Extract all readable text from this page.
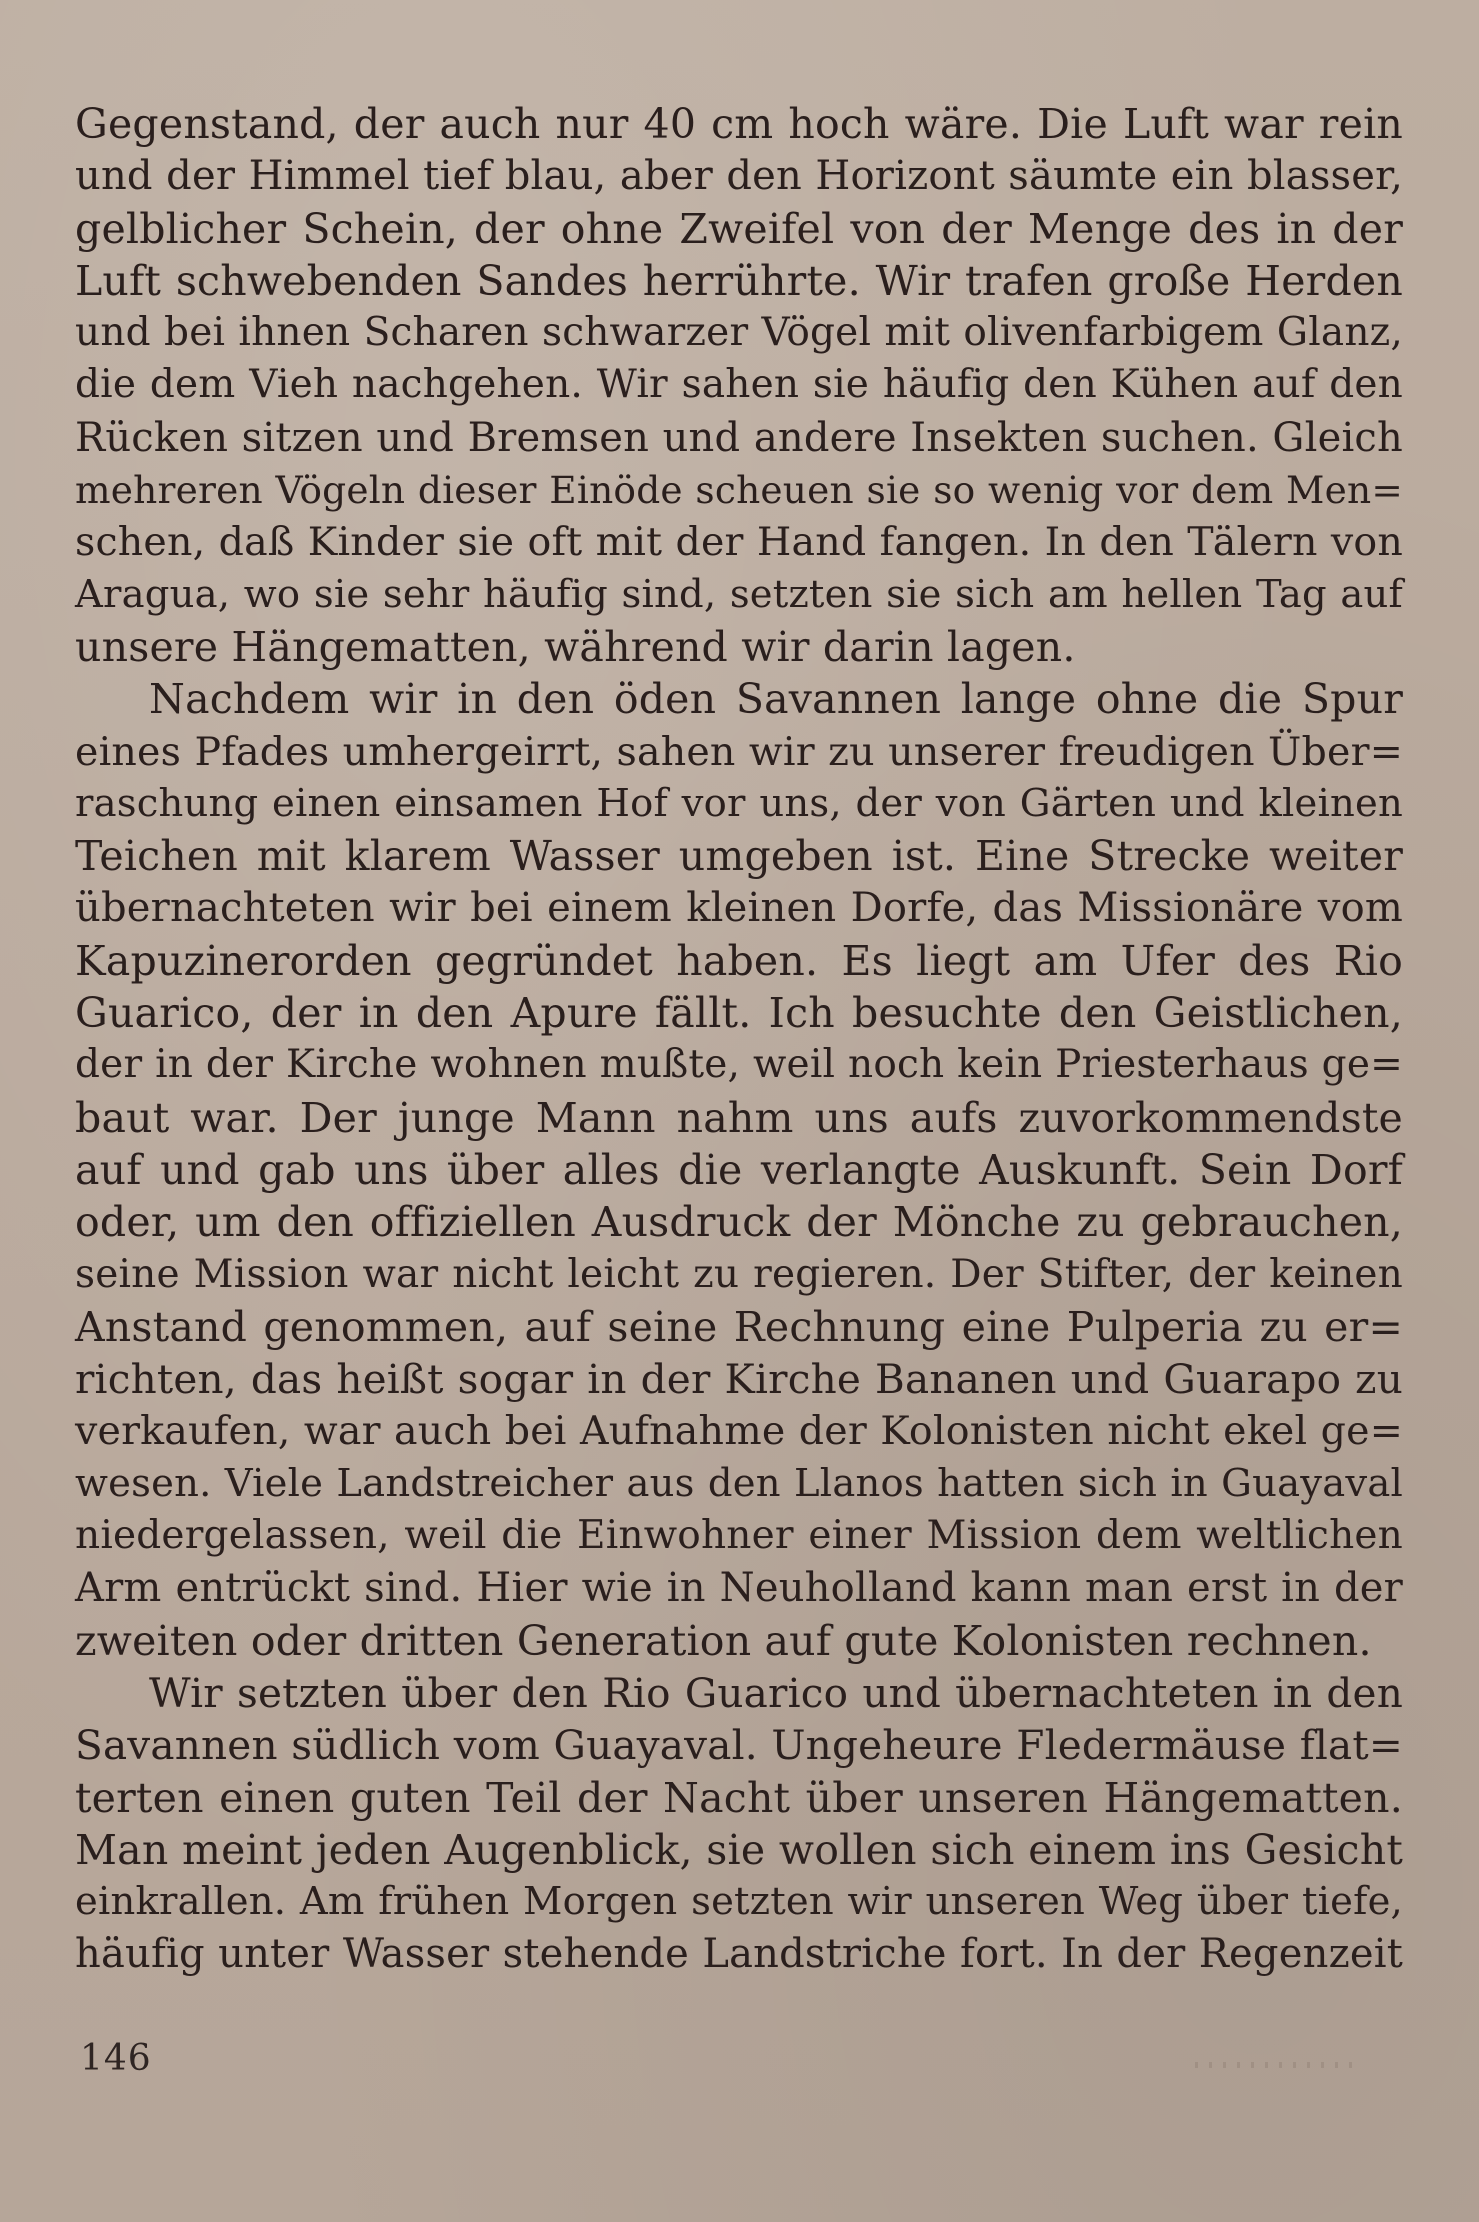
Gegenstand, der auch nur 40 cm hoch wäre. Die Luft war rein
und der Himmel tief blau, aber den Horizont säumte ein blasser,
gelblicher Schein, der ohne Zweifel von der Menge des in der
Luft schwebenden Sandes herrührte. Wir trafen große Herden
und bei ihnen Scharen schwarzer Vögel mit olivenfarbigem Glanz,
die dem Vieh nachgehen. Wir sahen sie häufig den Kühen auf den
Rücken sitzen und Bremsen und andere Insekten suchen. Gleich
mehreren Vögeln dieser Einöde scheuen sie so wenig vor dem Men=
schen, daß Kinder sie oft mit der Hand fangen. In den Tälern von
Aragua, wo sie sehr häufig sind, setzten sie sich am hellen Tag auf
unsere Hängematten, während wir darin lagen.
Nachdem wir in den öden Savannen lange ohne die Spur
eines Pfades umhergeirrt, sahen wir zu unserer freudigen Über=
raschung einen einsamen Hof vor uns, der von Gärten und kleinen
Teichen mit klarem Wasser umgeben ist. Eine Strecke weiter
übernachteten wir bei einem kleinen Dorfe, das Missionäre vom
Kapuzinerorden gegründet haben. Es liegt am Ufer des Rio
Guarico, der in den Apure fällt. Ich besuchte den Geistlichen,
der in der Kirche wohnen mußte, weil noch kein Priesterhaus ge=
baut war. Der junge Mann nahm uns aufs zuvorkommendste
auf und gab uns über alles die verlangte Auskunft. Sein Dorf
oder, um den offiziellen Ausdruck der Mönche zu gebrauchen,
seine Mission war nicht leicht zu regieren. Der Stifter, der keinen
Anstand genommen, auf seine Rechnung eine Pulperia zu er=
richten, das heißt sogar in der Kirche Bananen und Guarapo zu
verkaufen, war auch bei Aufnahme der Kolonisten nicht ekel ge=
wesen. Viele Landstreicher aus den Llanos hatten sich in Guayaval
niedergelassen, weil die Einwohner einer Mission dem weltlichen
Arm entrückt sind. Hier wie in Neuholland kann man erst in der
zweiten oder dritten Generation auf gute Kolonisten rechnen.
Wir setzten über den Rio Guarico und übernachteten in den
Savannen südlich vom Guayaval. Ungeheure Fledermäuse flat=
terten einen guten Teil der Nacht über unseren Hängematten.
Man meint jeden Augenblick, sie wollen sich einem ins Gesicht
einkrallen. Am frühen Morgen setzten wir unseren Weg über tiefe,
häufig unter Wasser stehende Landstriche fort. In der Regenzeit
146
